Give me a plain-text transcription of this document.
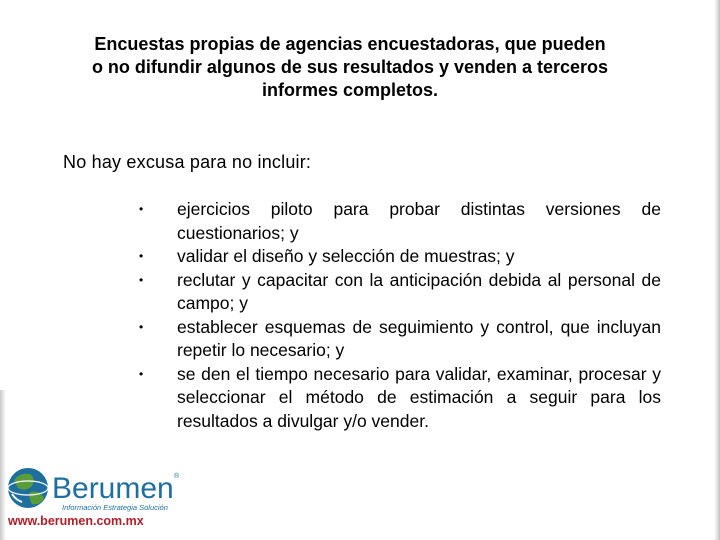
Encuestas propias de agencias encuestadoras, que pueden o no difundir algunos de sus resultados y venden a terceros informes completos.
No hay excusa para no incluir:
•	ejercicios piloto para probar distintas versiones de cuestionarios; y
•	validar el diseño y selección de muestras; y
•	reclutar y capacitar con la anticipación debida al personal de campo; y
•	establecer esquemas de seguimiento y control, que incluyan repetir lo necesario; y
•	se den el tiempo necesario para validar, examinar, procesar y seleccionar el método de estimación a seguir para los resultados a divulgar y/o vender.
Berumen ®
Información Estrategia Solución
www.berumen.com.mx
